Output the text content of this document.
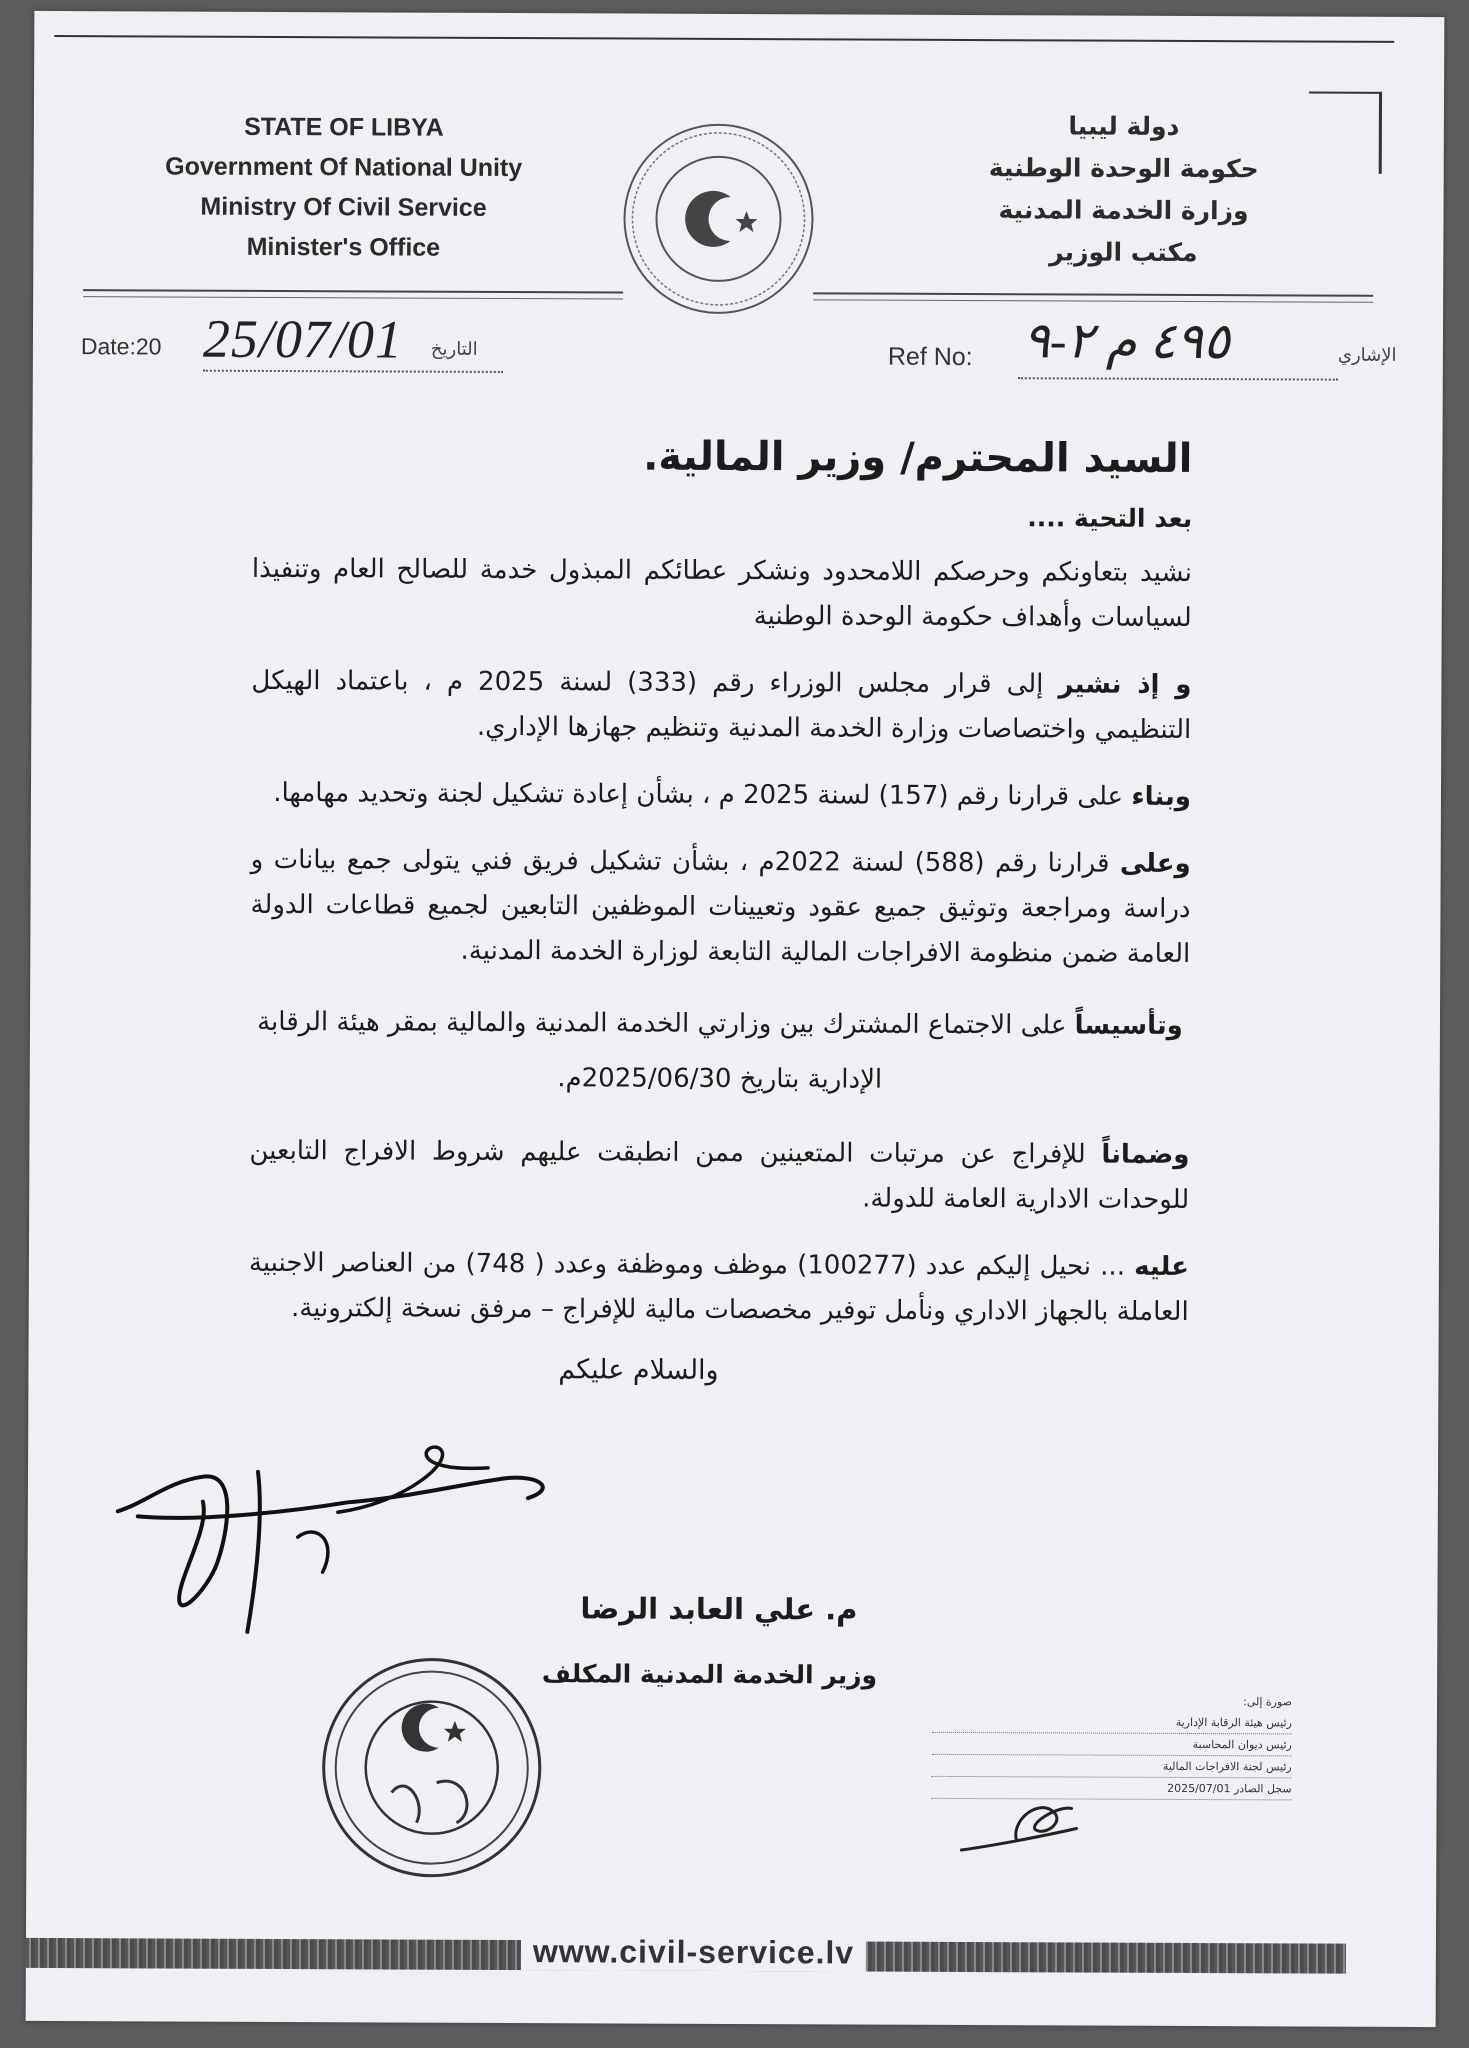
STATE OF LIBYA
Government Of National Unity
Ministry Of Civil Service
Minister's Office
دولة ليبيا
حكومة الوحدة الوطنية
وزارة الخدمة المدنية
مكتب الوزير
Date:20 25/07/01 التاريخ	Ref No: ٤٩٥ م ٢-٩	الإشاري
السيد المحترم/ وزير المالية.
بعد التحية ....

نشيد بتعاونكم وحرصكم اللامحدود ونشكر عطائكم المبذول خدمة للصالح العام وتنفيذا لسياسات وأهداف حكومة الوحدة الوطنية

و إذ نشير إلى قرار مجلس الوزراء رقم (333) لسنة 2025 م ، باعتماد الهيكل التنظيمي واختصاصات وزارة الخدمة المدنية وتنظيم جهازها الإداري.

وبناء على قرارنا رقم (157) لسنة 2025 م ، بشأن إعادة تشكيل لجنة وتحديد مهامها.

وعلى قرارنا رقم (588) لسنة 2022م ، بشأن تشكيل فريق فني يتولى جمع بيانات و دراسة ومراجعة وتوثيق جميع عقود وتعيينات الموظفين التابعين لجميع قطاعات الدولة العامة ضمن منظومة الافراجات المالية التابعة لوزارة الخدمة المدنية.

وتأسيساً على الاجتماع المشترك بين وزارتي الخدمة المدنية والمالية بمقر هيئة الرقابة الإدارية بتاريخ 2025/06/30م.

وضماناً للإفراج عن مرتبات المتعينين ممن انطبقت عليهم شروط الافراج التابعين للوحدات الادارية العامة للدولة.

عليه ... نحيل إليكم عدد (100277) موظف وموظفة وعدد ( 748) من العناصر الاجنبية العاملة بالجهاز الاداري ونأمل توفير مخصصات مالية للإفراج – مرفق نسخة إلكترونية.

والسلام عليكم
م. علي العابد الرضا
وزير الخدمة المدنية المكلف
صورة إلى:
رئيس هيئة الرقابة الإدارية
رئيس ديوان المحاسبة
رئيس لجنة الافراجات المالية
سجل الصادر 2025/07/01
www.civil-service.lv
